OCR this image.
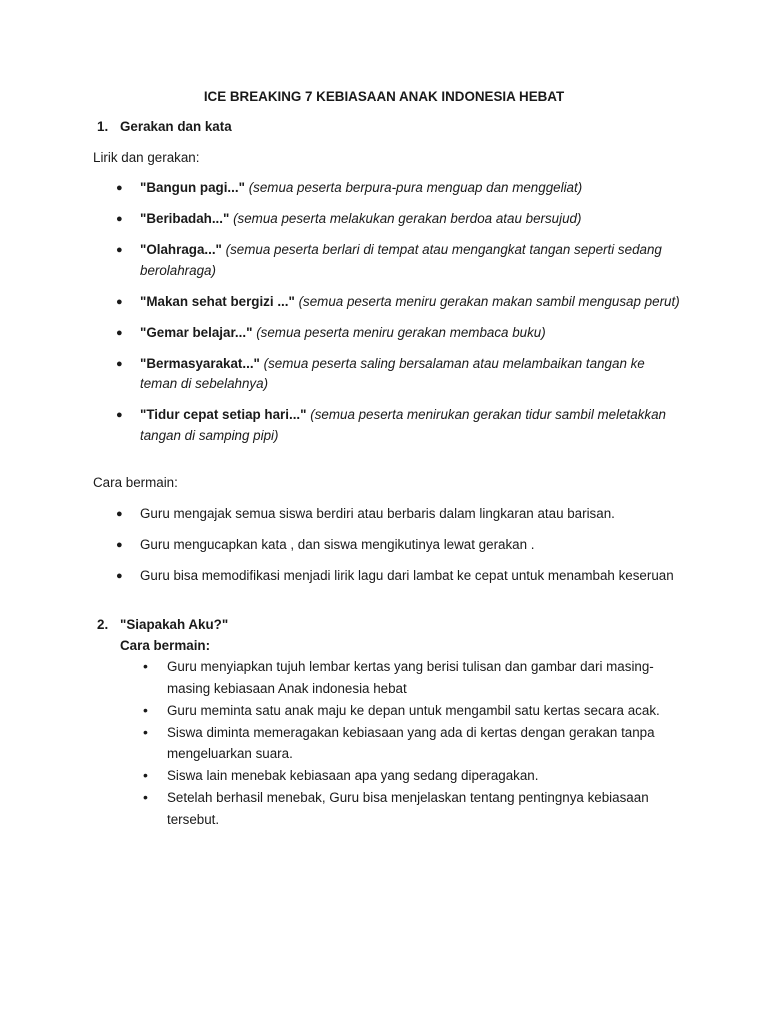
ICE BREAKING 7 KEBIASAAN ANAK INDONESIA HEBAT
1. Gerakan dan kata
Lirik dan gerakan:
● "Bangun pagi..." (semua peserta berpura-pura menguap dan menggeliat)
● "Beribadah..." (semua peserta melakukan gerakan berdoa atau bersujud)
● "Olahraga..." (semua peserta berlari di tempat atau mengangkat tangan seperti sedang berolahraga)
● "Makan sehat bergizi ..." (semua peserta meniru gerakan makan sambil mengusap perut)
● "Gemar belajar..." (semua peserta meniru gerakan membaca buku)
● "Bermasyarakat..." (semua peserta saling bersalaman atau melambaikan tangan ke teman di sebelahnya)
● "Tidur cepat setiap hari..." (semua peserta menirukan gerakan tidur sambil meletakkan tangan di samping pipi)
Cara bermain:
● Guru mengajak semua siswa berdiri atau berbaris dalam lingkaran atau barisan.
● Guru mengucapkan kata , dan siswa mengikutinya lewat gerakan .
● Guru bisa memodifikasi menjadi lirik lagu dari lambat ke cepat untuk menambah keseruan
2. "Siapakah Aku?"
Cara bermain:
• Guru menyiapkan tujuh lembar kertas yang berisi tulisan dan gambar dari masing-masing kebiasaan Anak indonesia hebat
• Guru meminta satu anak maju ke depan untuk mengambil satu kertas secara acak.
• Siswa diminta memeragakan kebiasaan yang ada di kertas dengan gerakan tanpa mengeluarkan suara.
• Siswa lain menebak kebiasaan apa yang sedang diperagakan.
• Setelah berhasil menebak, Guru bisa menjelaskan tentang pentingnya kebiasaan tersebut.
